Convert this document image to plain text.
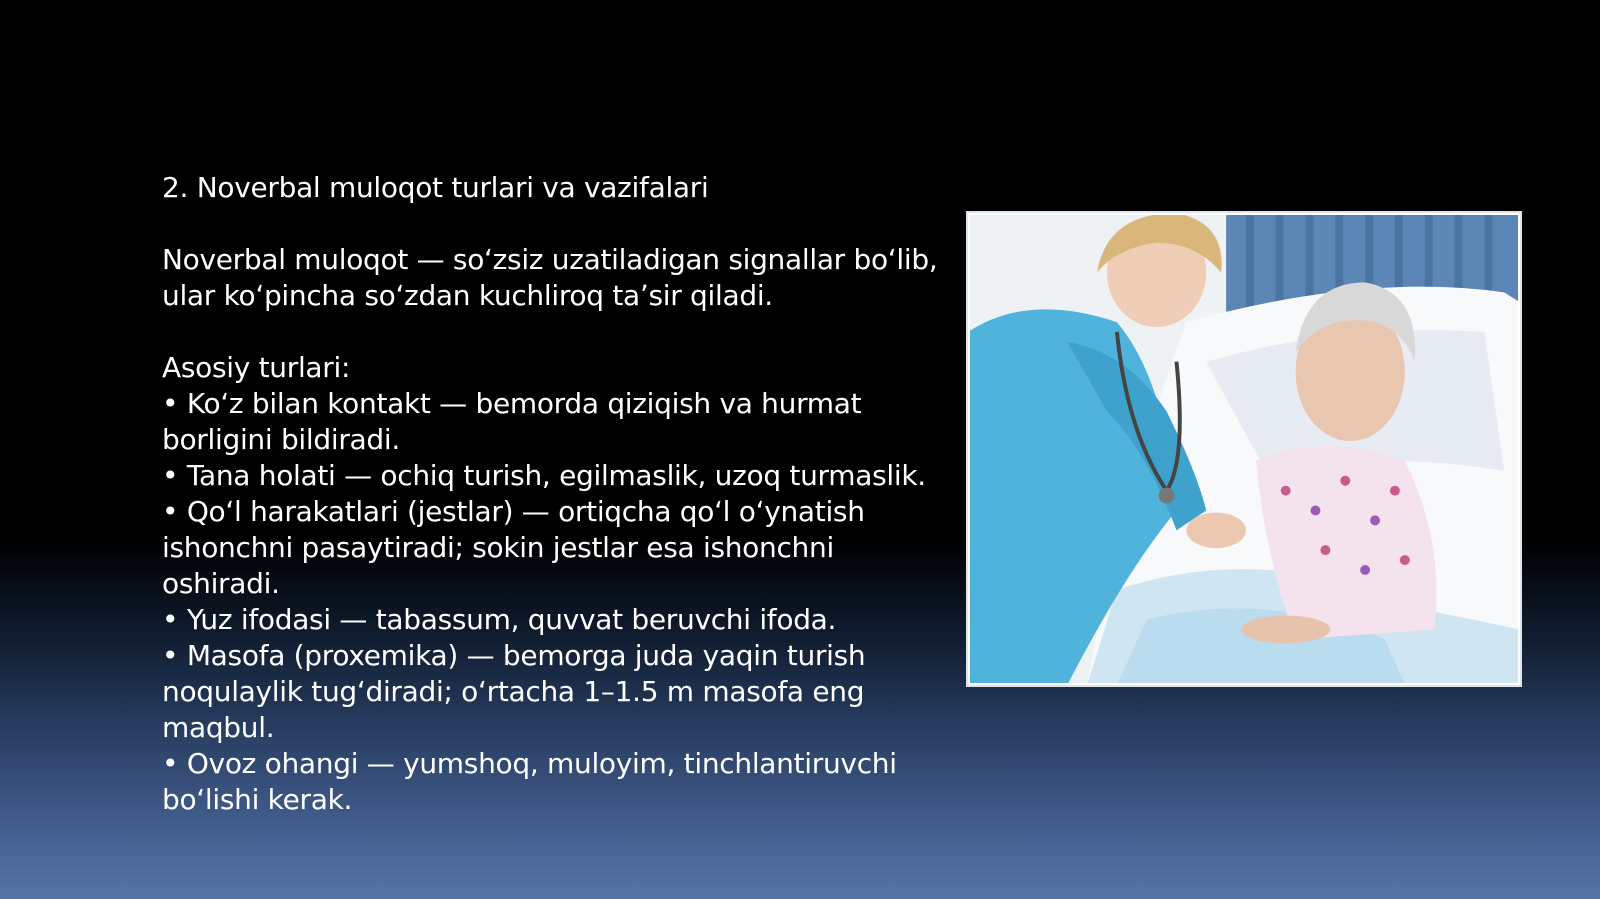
2. Noverbal muloqot turlari va vazifalari
Noverbal muloqot — soʻzsiz uzatiladigan signallar boʻlib,
ular koʻpincha soʻzdan kuchliroq taʼsir qiladi.
Asosiy turlari:
• Koʻz bilan kontakt — bemorda qiziqish va hurmat
borligini bildiradi.
• Tana holati — ochiq turish, egilmaslik, uzoq turmaslik.
• Qoʻl harakatlari (jestlar) — ortiqcha qoʻl oʻynatish
ishonchni pasaytiradi; sokin jestlar esa ishonchni
oshiradi.
• Yuz ifodasi — tabassum, quvvat beruvchi ifoda.
• Masofa (proxemika) — bemorga juda yaqin turish
noqulaylik tugʻdiradi; oʻrtacha 1–1.5 m masofa eng
maqbul.
• Ovoz ohangi — yumshoq, muloyim, tinchlantiruvchi
boʻlishi kerak.
